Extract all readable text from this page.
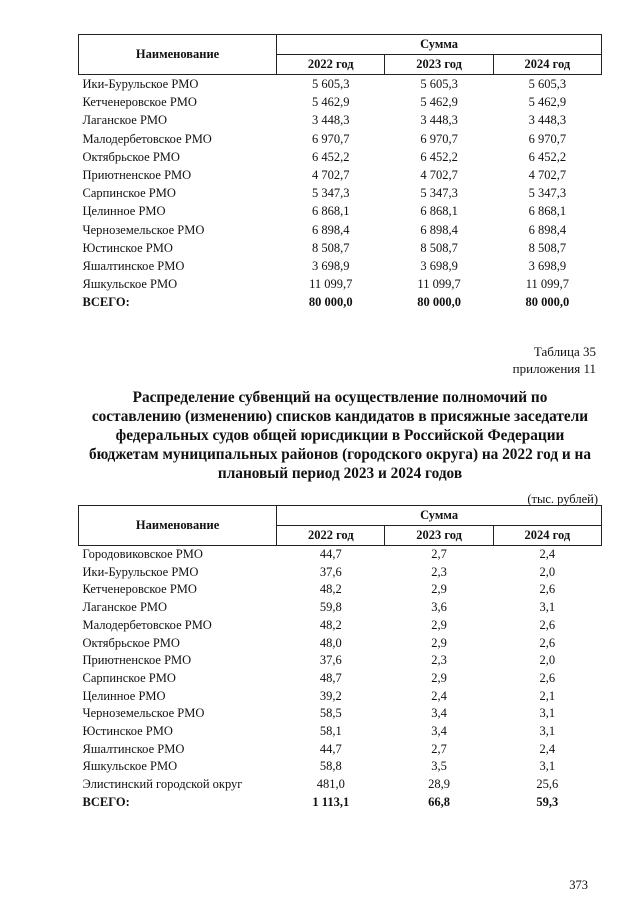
Наименование	Сумма		
	2022 год	2023 год	2024 год
Ики-Бурульское РМО	5 605,3	5 605,3	5 605,3
Кетченеровское РМО	5 462,9	5 462,9	5 462,9
Лаганское РМО	3 448,3	3 448,3	3 448,3
Малодербетовское РМО	6 970,7	6 970,7	6 970,7
Октябрьское РМО	6 452,2	6 452,2	6 452,2
Приютненское РМО	4 702,7	4 702,7	4 702,7
Сарпинское РМО	5 347,3	5 347,3	5 347,3
Целинное РМО	6 868,1	6 868,1	6 868,1
Черноземельское РМО	6 898,4	6 898,4	6 898,4
Юстинское РМО	8 508,7	8 508,7	8 508,7
Яшалтинское РМО	3 698,9	3 698,9	3 698,9
Яшкульское РМО	11 099,7	11 099,7	11 099,7
ВСЕГО:	80 000,0	80 000,0	80 000,0
Таблица 35
приложения 11
Распределение субвенций на осуществление полномочий по
составлению (изменению) списков кандидатов в присяжные заседатели
федеральных судов общей юрисдикции в Российской Федерации
бюджетам муниципальных районов (городского округа) на 2022 год и на
плановый период 2023 и 2024 годов
(тыс. рублей)
Наименование	Сумма		
	2022 год	2023 год	2024 год
Городовиковское РМО	44,7	2,7	2,4
Ики-Бурульское РМО	37,6	2,3	2,0
Кетченеровское РМО	48,2	2,9	2,6
Лаганское РМО	59,8	3,6	3,1
Малодербетовское РМО	48,2	2,9	2,6
Октябрьское РМО	48,0	2,9	2,6
Приютненское РМО	37,6	2,3	2,0
Сарпинское РМО	48,7	2,9	2,6
Целинное РМО	39,2	2,4	2,1
Черноземельское РМО	58,5	3,4	3,1
Юстинское РМО	58,1	3,4	3,1
Яшалтинское РМО	44,7	2,7	2,4
Яшкульское РМО	58,8	3,5	3,1
Элистинский городской округ	481,0	28,9	25,6
ВСЕГО:	1 113,1	66,8	59,3
373
